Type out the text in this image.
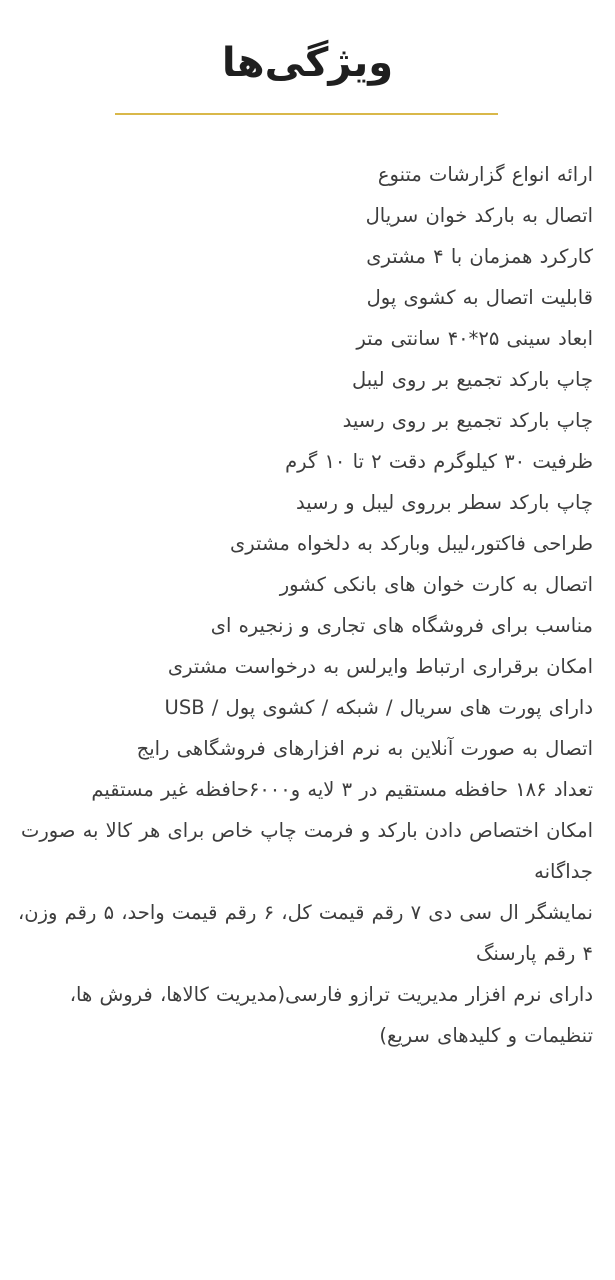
ویژگی‌ها
ارائه انواع گزارشات متنوع
اتصال به بارکد خوان سریال
کارکرد همزمان با ۴ مشتری
قابلیت اتصال به کشوی پول
ابعاد سینی ۲۵*۴۰ سانتی متر
چاپ بارکد تجمیع بر روی لیبل
چاپ بارکد تجمیع بر روی رسید
ظرفیت ۳۰ کیلوگرم دقت ۲ تا ۱۰ گرم
چاپ بارکد سطر برروی لیبل و رسید
طراحی فاکتور،لیبل وبارکد به دلخواه مشتری
اتصال به کارت خوان های بانکی کشور
مناسب برای فروشگاه های تجاری و زنجیره ای
امکان برقراری ارتباط وایرلس به درخواست مشتری
دارای پورت های سریال / شبکه / کشوی پول / USB
اتصال به صورت آنلاین به نرم افزارهای فروشگاهی رایج
تعداد ۱۸۶ حافظه مستقیم در ۳ لایه و۶۰۰۰حافظه غیر مستقیم
امکان اختصاص دادن بارکد و فرمت چاپ خاص برای هر کالا به صورت جداگانه
نمایشگر ال سی دی ۷ رقم قیمت کل، ۶ رقم قیمت واحد، ۵ رقم وزن، ۴ رقم پارسنگ
دارای نرم افزار مدیریت ترازو فارسی(مدیریت کالاها، فروش ها، تنظیمات و کلیدهای سریع)
